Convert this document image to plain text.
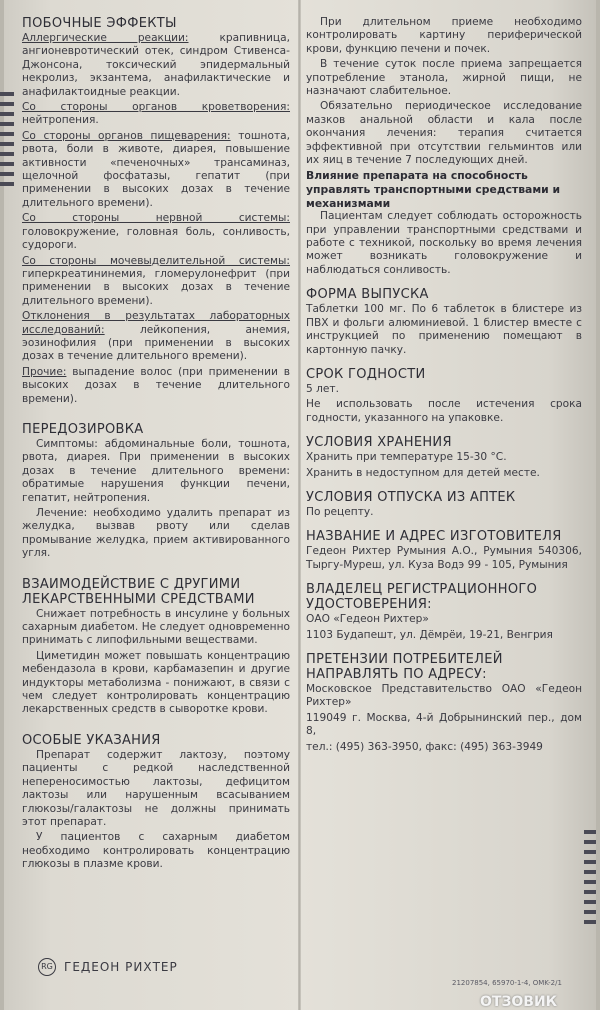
ПОБОЧНЫЕ ЭФФЕКТЫ

Аллергические реакции: крапивница, ангионевротический отек, синдром Стивенса-Джонсона, токсический эпидермальный некролиз, экзантема, анафилактические и анафилактоидные реакции.

Со стороны органов кроветворения: нейтропения.

Со стороны органов пищеварения: тошнота, рвота, боли в животе, диарея, повышение активности «печеночных» трансаминаз, щелочной фосфатазы, гепатит (при применении в высоких дозах в течение длительного времени).

Со стороны нервной системы: головокружение, головная боль, сонливость, судороги.

Со стороны мочевыделительной системы: гиперкреатининемия, гломерулонефрит (при применении в высоких дозах в течение длительного времени).

Отклонения в результатах лабораторных исследований: лейкопения, анемия, эозинофилия (при применении в высоких дозах в течение длительного времени).

Прочие: выпадение волос (при применении в высоких дозах в течение длительного времени).

ПЕРЕДОЗИРОВКА

Симптомы: абдоминальные боли, тошнота, рвота, диарея. При применении в высоких дозах в течение длительного времени: обратимые нарушения функции печени, гепатит, нейтропения.

Лечение: необходимо удалить препарат из желудка, вызвав рвоту или сделав промывание желудка, прием активированного угля.

ВЗАИМОДЕЙСТВИЕ С ДРУГИМИ ЛЕКАРСТВЕННЫМИ СРЕДСТВАМИ

Снижает потребность в инсулине у больных сахарным диабетом. Не следует одновременно принимать с липофильными веществами.

Циметидин может повышать концентрацию мебендазола в крови, карбамазепин и другие индукторы метаболизма - понижают, в связи с чем следует контролировать концентрацию лекарственных средств в сыворотке крови.

ОСОБЫЕ УКАЗАНИЯ

Препарат содержит лактозу, поэтому пациенты с редкой наследственной непереносимостью лактозы, дефицитом лактозы или нарушенным всасыванием глюкозы/галактозы не должны принимать этот препарат.

У пациентов с сахарным диабетом необходимо контролировать концентрацию глюкозы в плазме крови.

При длительном приеме необходимо контролировать картину периферической крови, функцию печени и почек.

В течение суток после приема запрещается употребление этанола, жирной пищи, не назначают слабительное.

Обязательно периодическое исследование мазков анальной области и кала после окончания лечения: терапия считается эффективной при отсутствии гельминтов или их яиц в течение 7 последующих дней.

Влияние препарата на способность управлять транспортными средствами и механизмами

Пациентам следует соблюдать осторожность при управлении транспортными средствами и работе с техникой, поскольку во время лечения может возникать головокружение и наблюдаться сонливость.

ФОРМА ВЫПУСКА

Таблетки 100 мг. По 6 таблеток в блистере из ПВХ и фольги алюминиевой. 1 блистер вместе с инструкцией по применению помещают в картонную пачку.

СРОК ГОДНОСТИ

5 лет.

Не использовать после истечения срока годности, указанного на упаковке.

УСЛОВИЯ ХРАНЕНИЯ

Хранить при температуре 15-30 °С.

Хранить в недоступном для детей месте.

УСЛОВИЯ ОТПУСКА ИЗ АПТЕК

По рецепту.

НАЗВАНИЕ И АДРЕС ИЗГОТОВИТЕЛЯ

Гедеон Рихтер Румыния А.О., Румыния 540306, Тыргу-Муреш, ул. Куза Водэ 99 - 105, Румыния

ВЛАДЕЛЕЦ РЕГИСТРАЦИОННОГО УДОСТОВЕРЕНИЯ:

ОАО «Гедеон Рихтер»

1103 Будапешт, ул. Дёмрёи, 19-21, Венгрия

ПРЕТЕНЗИИ ПОТРЕБИТЕЛЕЙ НАПРАВЛЯТЬ ПО АДРЕСУ:

Московское Представительство ОАО «Гедеон Рихтер»

119049 г. Москва, 4-й Добрынинский пер., дом 8,

тел.: (495) 363-3950, факс: (495) 363-3949

RG ГЕДЕОН РИХТЕР
21207854, 65970-1-4, OMK-2/1
ОТЗОВИК
